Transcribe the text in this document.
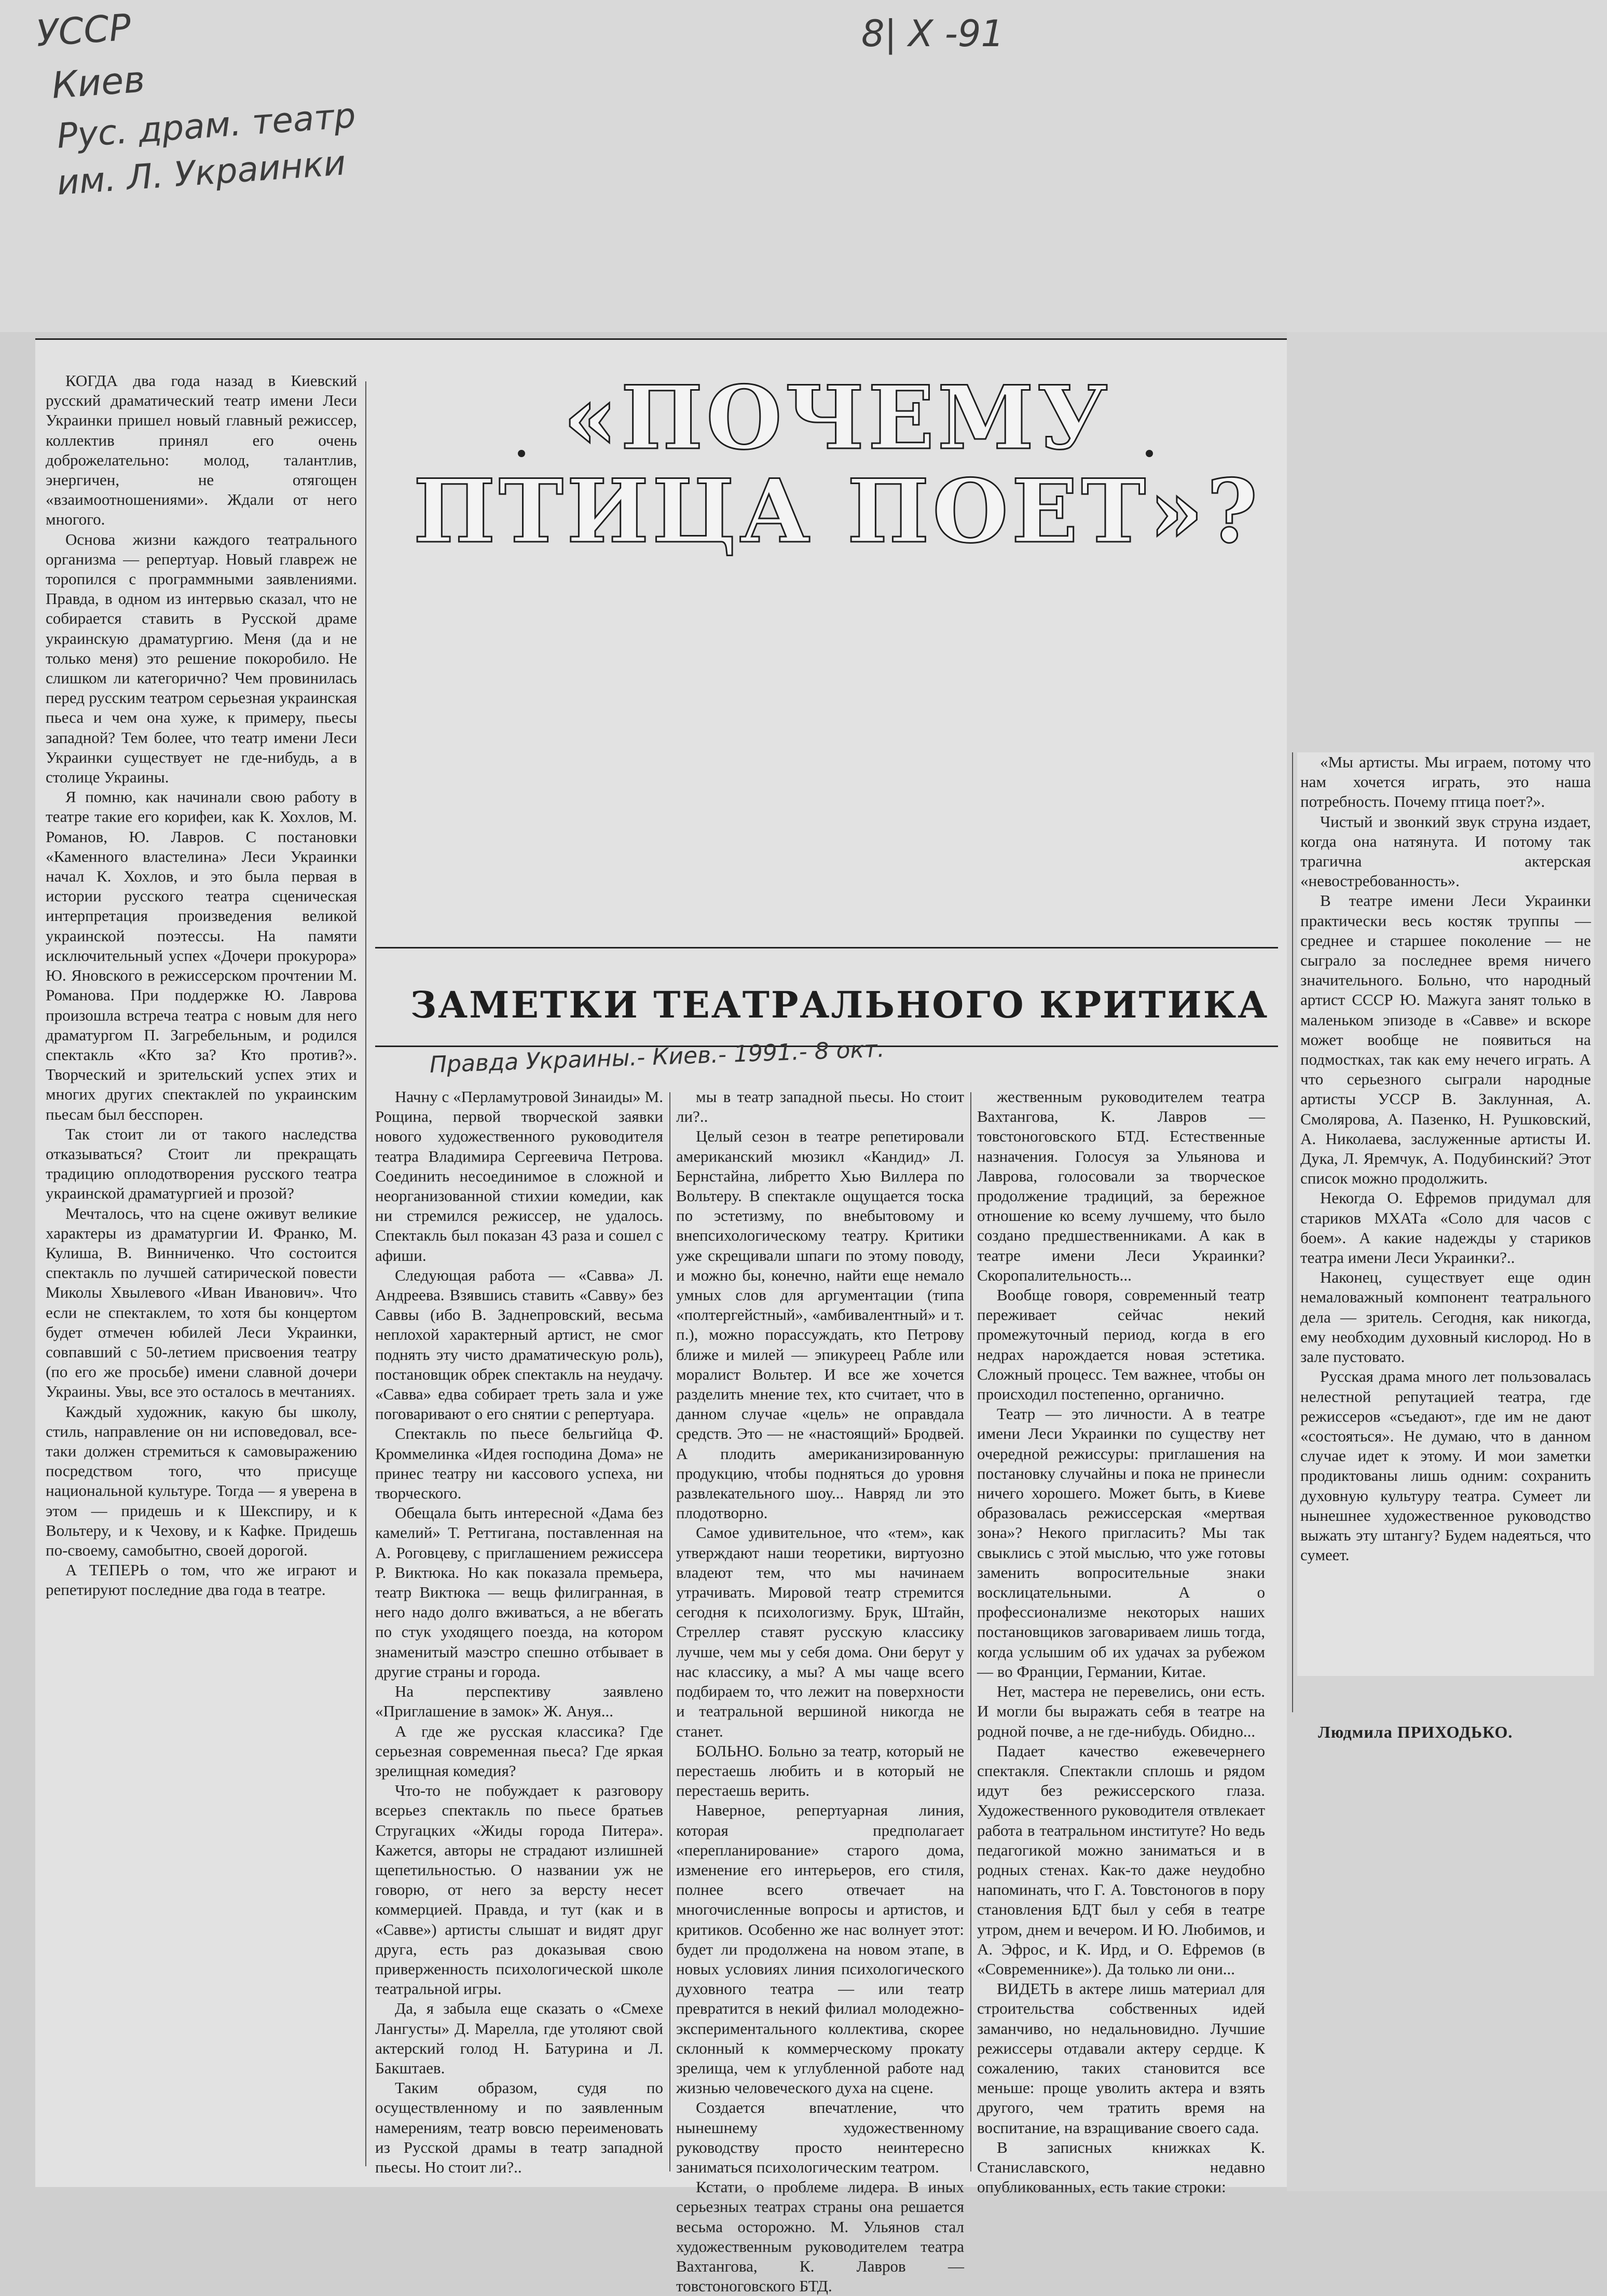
УССР
Киев
Рус. драм. театр
им. Л. Украинки
8| X -91

КОГДА два года назад в Киевский русский драматический театр имени Леси Украинки пришел новый главный режиссер, коллектив принял его очень доброжелательно: молод, талантлив, энергичен, не отягощен «взаимоотношениями». Ждали от него многого.

Основа жизни каждого театрального организма — репертуар. Новый главреж не торопился с программными заявлениями. Правда, в одном из интервью сказал, что не собирается ставить в Русской драме украинскую драматургию. Меня (да и не только меня) это решение покоробило. Не слишком ли категорично? Чем провинилась перед русским театром серьезная украинская пьеса и чем она хуже, к примеру, пьесы западной? Тем более, что театр имени Леси Украинки существует не где-нибудь, а в столице Украины.

Я помню, как начинали свою работу в театре такие его корифеи, как К. Хохлов, М. Романов, Ю. Лавров. С постановки «Каменного властелина» Леси Украинки начал К. Хохлов, и это была первая в истории русского театра сценическая интерпретация произведения великой украинской поэтессы. На памяти исключительный успех «Дочери прокурора» Ю. Яновского в режиссерском прочтении М. Романова. При поддержке Ю. Лаврова произошла встреча театра с новым для него драматургом П. Загребельным, и родился спектакль «Кто за? Кто против?». Творческий и зрительский успех этих и многих других спектаклей по украинским пьесам был бесспорен.

Так стоит ли от такого наследства отказываться? Стоит ли прекращать традицию оплодотворения русского театра украинской драматургией и прозой?

Мечталось, что на сцене оживут великие характеры из драматургии И. Франко, М. Кулиша, В. Винниченко. Что состоится спектакль по лучшей сатирической повести Миколы Хвылевого «Иван Иванович». Что если не спектаклем, то хотя бы концертом будет отмечен юбилей Леси Украинки, совпавший с 50-летием присвоения театру (по его же просьбе) имени славной дочери Украины. Увы, все это осталось в мечтаниях.

Каждый художник, какую бы школу, стиль, направление он ни исповедовал, все-таки должен стремиться к самовыражению посредством того, что присуще национальной культуре. Тогда — я уверена в этом — придешь и к Шекспиру, и к Вольтеру, и к Чехову, и к Кафке. Придешь по-своему, самобытно, своей дорогой.

А ТЕПЕРЬ о том, что же играют и репетируют последние два года в театре.

«ПОЧЕМУ ПТИЦА ПОЕТ»?
ЗАМЕТКИ ТЕАТРАЛЬНОГО КРИТИКА
Правда Украины.- Киев.- 1991.- 8 окт.

Начну с «Перламутровой Зинаиды» М. Рощина, первой творческой заявки нового художественного руководителя театра Владимира Сергеевича Петрова. Соединить несоединимое в сложной и неорганизованной стихии комедии, как ни стремился режиссер, не удалось. Спектакль был показан 43 раза и сошел с афиши.

Следующая работа — «Савва» Л. Андреева. Взявшись ставить «Савву» без Саввы (ибо В. Заднепровский, весьма неплохой характерный артист, не смог поднять эту чисто драматическую роль), постановщик обрек спектакль на неудачу. «Савва» едва собирает треть зала и уже поговаривают о его снятии с репертуара.

Спектакль по пьесе бельгийца Ф. Кроммелинка «Идея господина Дома» не принес театру ни кассового успеха, ни творческого.

Обещала быть интересной «Дама без камелий» Т. Реттигана, поставленная на А. Роговцеву, с приглашением режиссера Р. Виктюка. Но как показала премьера, театр Виктюка — вещь филигранная, в него надо долго вживаться, а не вбегать по стук уходящего поезда, на котором знаменитый маэстро спешно отбывает в другие страны и города.

На перспективу заявлено «Приглашение в замок» Ж. Ануя...

А где же русская классика? Где серьезная современная пьеса? Где яркая зрелищная комедия?

Что-то не побуждает к разговору всерьез спектакль по пьесе братьев Стругацких «Жиды города Питера». Кажется, авторы не страдают излишней щепетильностью. О названии уж не говорю, от него за версту несет коммерцией. Правда, и тут (как и в «Савве») артисты слышат и видят друг друга, есть раз доказывая свою приверженность психологической школе театральной игры.

Да, я забыла еще сказать о «Смехе Лангусты» Д. Марелла, где утоляют свой актерский голод Н. Батурина и Л. Бакштаев.

Таким образом, судя по осуществленному и по заявленным намерениям, театр вовсю переименовать из Русской драмы в театр западной пьесы. Но стоит ли?..

мы в театр западной пьесы. Но стоит ли?..

Целый сезон в театре репетировали американский мюзикл «Кандид» Л. Бернстайна, либретто Хью Виллера по Вольтеру. В спектакле ощущается тоска по эстетизму, по внебытовому и внепсихологическому театру. Критики уже скрещивали шпаги по этому поводу, и можно бы, конечно, найти еще немало умных слов для аргументации (типа «полтергейстный», «амбивалентный» и т. п.), можно порассуждать, кто Петрову ближе и милей — эпикуреец Рабле или моралист Вольтер. И все же хочется разделить мнение тех, кто считает, что в данном случае «цель» не оправдала средств. Это — не «настоящий» Бродвей. А плодить американизированную продукцию, чтобы подняться до уровня развлекательного шоу... Навряд ли это плодотворно.

Самое удивительное, что «тем», как утверждают наши теоретики, виртуозно владеют тем, что мы начинаем утрачивать. Мировой театр стремится сегодня к психологизму. Брук, Штайн, Стреллер ставят русскую классику лучше, чем мы у себя дома. Они берут у нас классику, а мы? А мы чаще всего подбираем то, что лежит на поверхности и театральной вершиной никогда не станет.

БОЛЬНО. Больно за театр, который не перестаешь любить и в который не перестаешь верить.

Наверное, репертуарная линия, которая предполагает «перепланирование» старого дома, изменение его интерьеров, его стиля, полнее всего отвечает на многочисленные вопросы и артистов, и критиков. Особенно же нас волнует этот: будет ли продолжена на новом этапе, в новых условиях линия психологического духовного театра — или театр превратится в некий филиал молодежно-экспериментального коллектива, скорее склонный к коммерческому прокату зрелища, чем к углубленной работе над жизнью человеческого духа на сцене.

Создается впечатление, что нынешнему художественному руководству просто неинтересно заниматься психологическим театром.

Кстати, о проблеме лидера. В иных серьезных театрах страны она решается весьма осторожно. М. Ульянов стал художественным руководителем театра Вахтангова, К. Лавров — товстоноговского БТД.

жественным руководителем театра Вахтангова, К. Лавров — товстоноговского БТД. Естественные назначения. Голосуя за Ульянова и Лаврова, голосовали за творческое продолжение традиций, за бережное отношение ко всему лучшему, что было создано предшественниками. А как в театре имени Леси Украинки? Скоропалительность...

Вообще говоря, современный театр переживает сейчас некий промежуточный период, когда в его недрах нарождается новая эстетика. Сложный процесс. Тем важнее, чтобы он происходил постепенно, органично.

Театр — это личности. А в театре имени Леси Украинки по существу нет очередной режиссуры: приглашения на постановку случайны и пока не принесли ничего хорошего. Может быть, в Киеве образовалась режиссерская «мертвая зона»? Некого пригласить? Мы так свыклись с этой мыслью, что уже готовы заменить вопросительные знаки восклицательными. А о профессионализме некоторых наших постановщиков заговариваем лишь тогда, когда услышим об их удачах за рубежом — во Франции, Германии, Китае.

Нет, мастера не перевелись, они есть. И могли бы выражать себя в театре на родной почве, а не где-нибудь. Обидно...

Падает качество ежевечернего спектакля. Спектакли сплошь и рядом идут без режиссерского глаза. Художественного руководителя отвлекает работа в театральном институте? Но ведь педагогикой можно заниматься и в родных стенах. Как-то даже неудобно напоминать, что Г. А. Товстоногов в пору становления БДТ был у себя в театре утром, днем и вечером. И Ю. Любимов, и А. Эфрос, и К. Ирд, и О. Ефремов (в «Современнике»). Да только ли они...

ВИДЕТЬ в актере лишь материал для строительства собственных идей заманчиво, но недальновидно. Лучшие режиссеры отдавали актеру сердце. К сожалению, таких становится все меньше: проще уволить актера и взять другого, чем тратить время на воспитание, на взращивание своего сада.

В записных книжках К. Станиславского, недавно опубликованных, есть такие строки:

«Мы артисты. Мы играем, потому что нам хочется играть, это наша потребность. Почему птица поет?».

Чистый и звонкий звук струна издает, когда она натянута. И потому так трагична актерская «невостребованность».

В театре имени Леси Украинки практически весь костяк труппы — среднее и старшее поколение — не сыграло за последнее время ничего значительного. Больно, что народный артист СССР Ю. Мажуга занят только в маленьком эпизоде в «Савве» и вскоре может вообще не появиться на подмостках, так как ему нечего играть. А что серьезного сыграли народные артисты УССР В. Заклунная, А. Смолярова, А. Пазенко, Н. Рушковский, А. Николаева, заслуженные артисты И. Дука, Л. Яремчук, А. Подубинский? Этот список можно продолжить.

Некогда О. Ефремов придумал для стариков МХАТа «Соло для часов с боем». А какие надежды у стариков театра имени Леси Украинки?..

Наконец, существует еще один немаловажный компонент театрального дела — зритель. Сегодня, как никогда, ему необходим духовный кислород. Но в зале пустовато.

Русская драма много лет пользовалась нелестной репутацией театра, где режиссеров «съедают», где им не дают «состояться». Не думаю, что в данном случае идет к этому. И мои заметки продиктованы лишь одним: сохранить духовную культуру театра. Сумеет ли нынешнее художественное руководство выжать эту штангу? Будем надеяться, что сумеет.

Людмила ПРИХОДЬКО.
